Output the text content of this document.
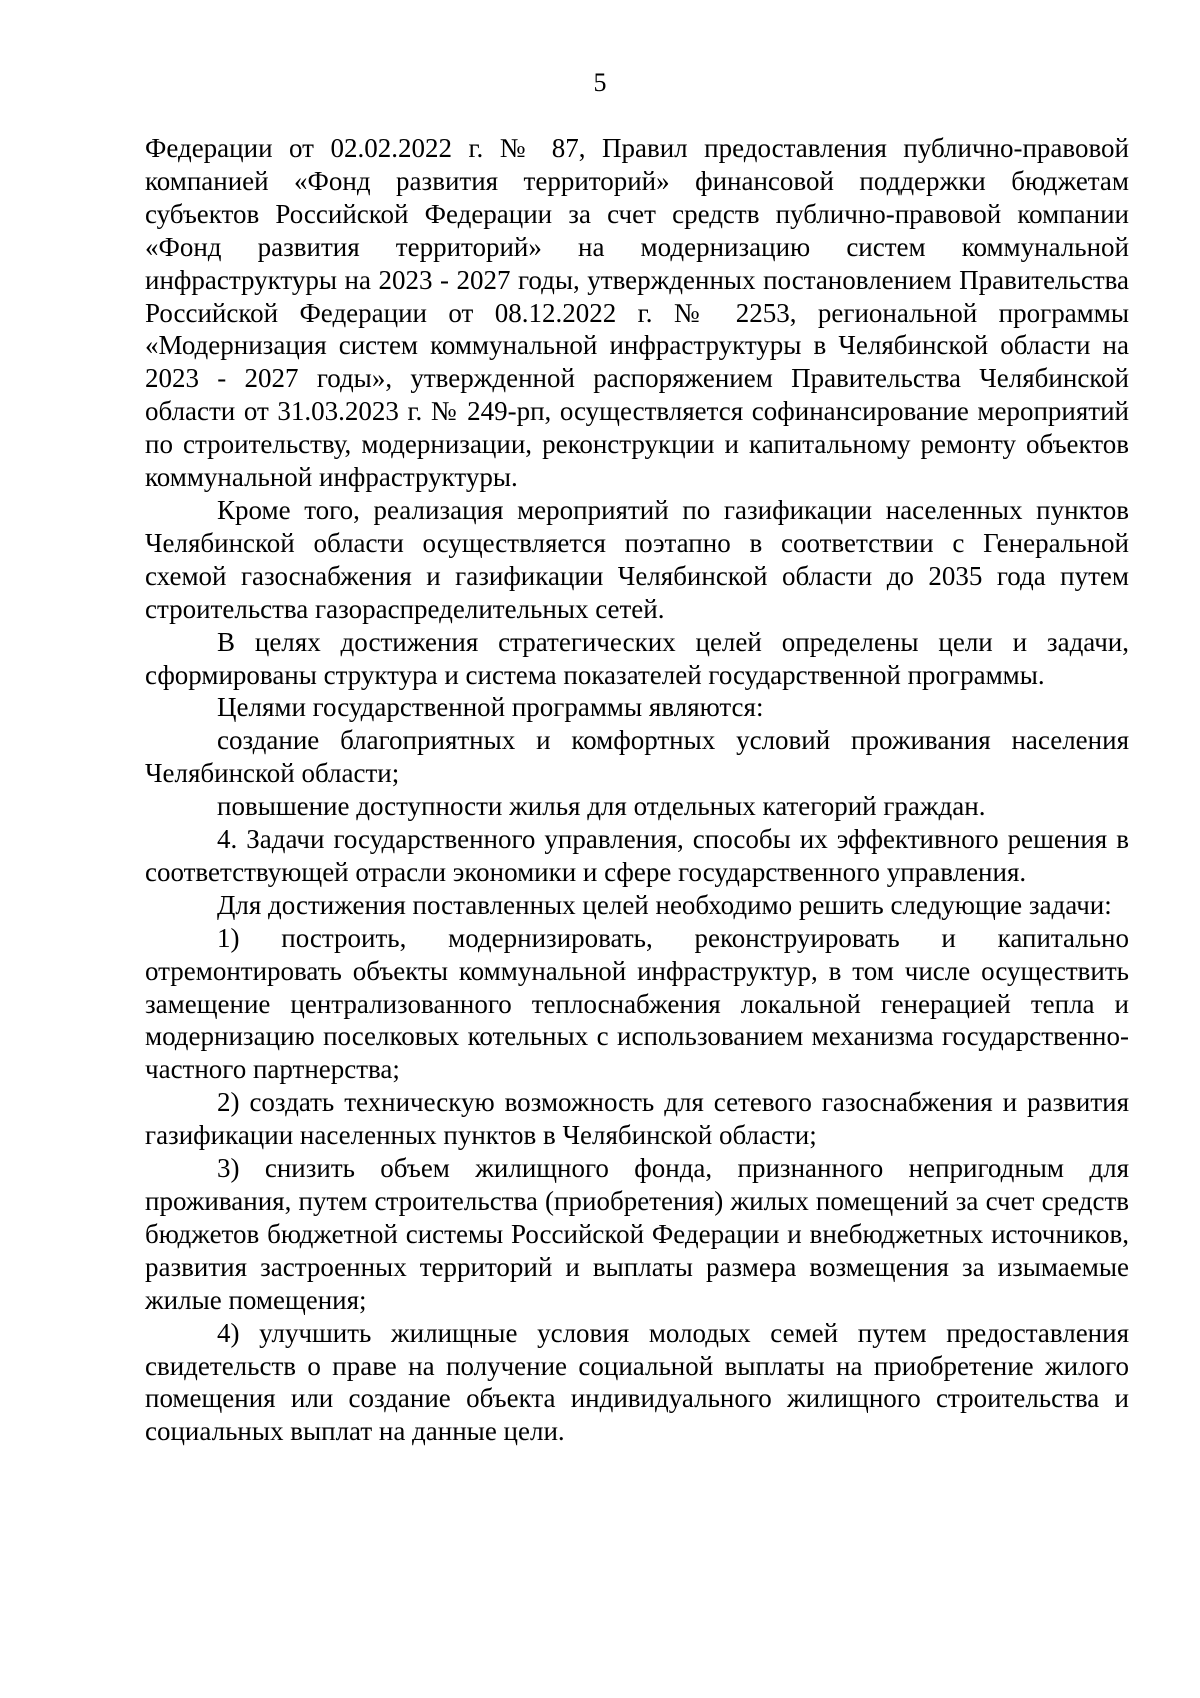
5

Федерации от 02.02.2022 г. № 87, Правил предоставления публично-правовой компанией «Фонд развития территорий» финансовой поддержки бюджетам субъектов Российской Федерации за счет средств публично-правовой компании «Фонд развития территорий» на модернизацию систем коммунальной инфраструктуры на 2023 - 2027 годы, утвержденных постановлением Правительства Российской Федерации от 08.12.2022 г. № 2253, региональной программы «Модернизация систем коммунальной инфраструктуры в Челябинской области на 2023 - 2027 годы», утвержденной распоряжением Правительства Челябинской области от 31.03.2023 г. № 249-рп, осуществляется софинансирование мероприятий по строительству, модернизации, реконструкции и капитальному ремонту объектов коммунальной инфраструктуры.

Кроме того, реализация мероприятий по газификации населенных пунктов Челябинской области осуществляется поэтапно в соответствии с Генеральной схемой газоснабжения и газификации Челябинской области до 2035 года путем строительства газораспределительных сетей.

В целях достижения стратегических целей определены цели и задачи, сформированы структура и система показателей государственной программы.

Целями государственной программы являются:

создание благоприятных и комфортных условий проживания населения Челябинской области;

повышение доступности жилья для отдельных категорий граждан.

4. Задачи государственного управления, способы их эффективного решения в соответствующей отрасли экономики и сфере государственного управления.

Для достижения поставленных целей необходимо решить следующие задачи:

1) построить, модернизировать, реконструировать и капитально отремонтировать объекты коммунальной инфраструктур, в том числе осуществить замещение централизованного теплоснабжения локальной генерацией тепла и модернизацию поселковых котельных с использованием механизма государственно-частного партнерства;

2) создать техническую возможность для сетевого газоснабжения и развития газификации населенных пунктов в Челябинской области;

3) снизить объем жилищного фонда, признанного непригодным для проживания, путем строительства (приобретения) жилых помещений за счет средств бюджетов бюджетной системы Российской Федерации и внебюджетных источников, развития застроенных территорий и выплаты размера возмещения за изымаемые жилые помещения;

4) улучшить жилищные условия молодых семей путем предоставления свидетельств о праве на получение социальной выплаты на приобретение жилого помещения или создание объекта индивидуального жилищного строительства и социальных выплат на данные цели.
